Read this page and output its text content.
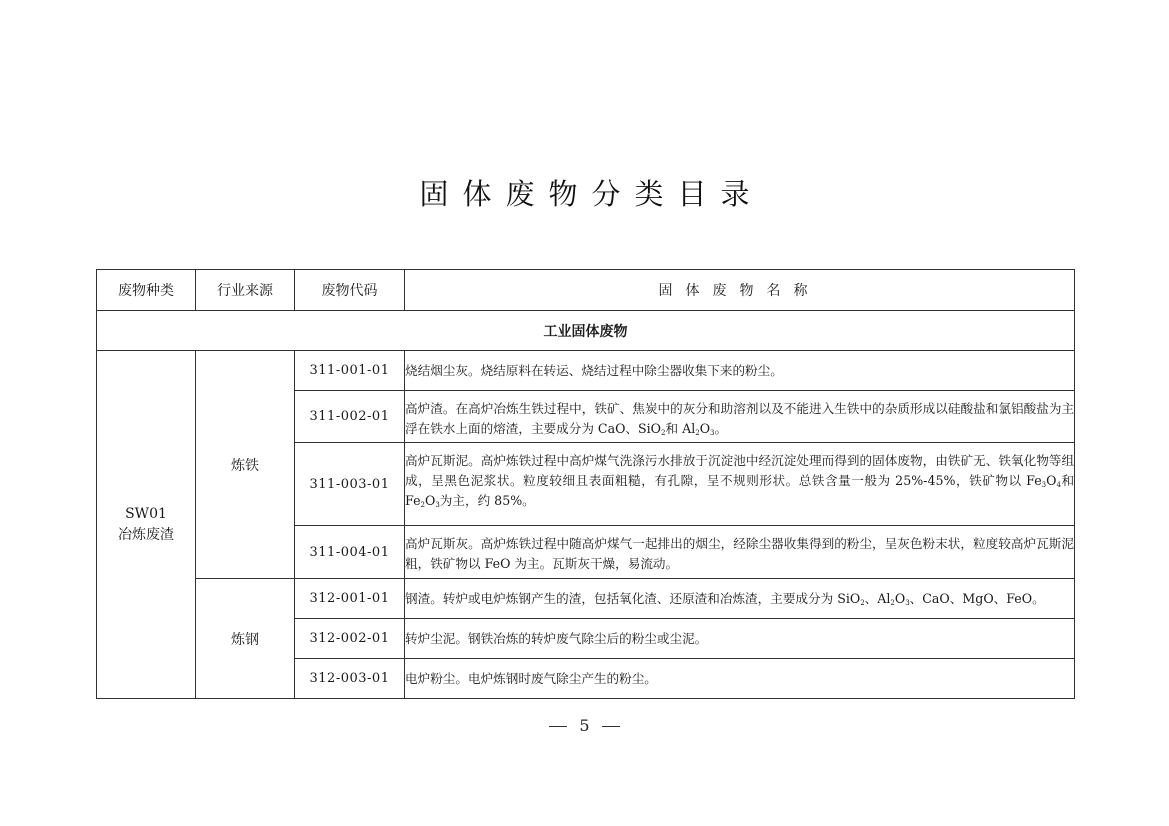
固体废物分类目录
废物种类	行业来源	废物代码	固体废物名称
工业固体废物			

SW01
冶炼废渣	炼铁	311-001-01	烧结烟尘灰。烧结原料在转运、烧结过程中除尘器收集下来的粉尘。

		311-002-01	高炉渣。在高炉冶炼生铁过程中，铁矿、焦炭中的灰分和助溶剂以及不能进入生铁中的杂质形成以硅酸盐和氯铝酸盐为主浮在铁水上面的熔渣，主要成分为 CaO、SiO$_2$和 $Al_2O_3$。

		311-003-01	高炉瓦斯泥。高炉炼铁过程中高炉煤气洗涤污水排放于沉淀池中经沉淀处理而得到的固体废物，由铁矿无、铁氧化物等组成，呈黑色泥浆状。粒度较细且表面粗糙，有孔隙，呈不规则形状。总铁含量一般为 25%-45%，铁矿物以 $Fe_3O_4$和 $Fe_2O_3$为主，约 85%。

		311-004-01	高炉瓦斯灰。高炉炼铁过程中随高炉煤气一起排出的烟尘，经除尘器收集得到的粉尘，呈灰色粉末状，粒度较高炉瓦斯泥粗，铁矿物以 FeO 为主。瓦斯灰干燥，易流动。

	炼钢	312-001-01	钢渣。转炉或电炉炼钢产生的渣，包括氧化渣、还原渣和冶炼渣，主要成分为 SiO$_2$、$Al_2O_3$、CaO、MgO、FeO。

		312-002-01	转炉尘泥。钢铁冶炼的转炉废气除尘后的粉尘或尘泥。

		312-003-01	电炉粉尘。电炉炼钢时废气除尘产生的粉尘。
5
